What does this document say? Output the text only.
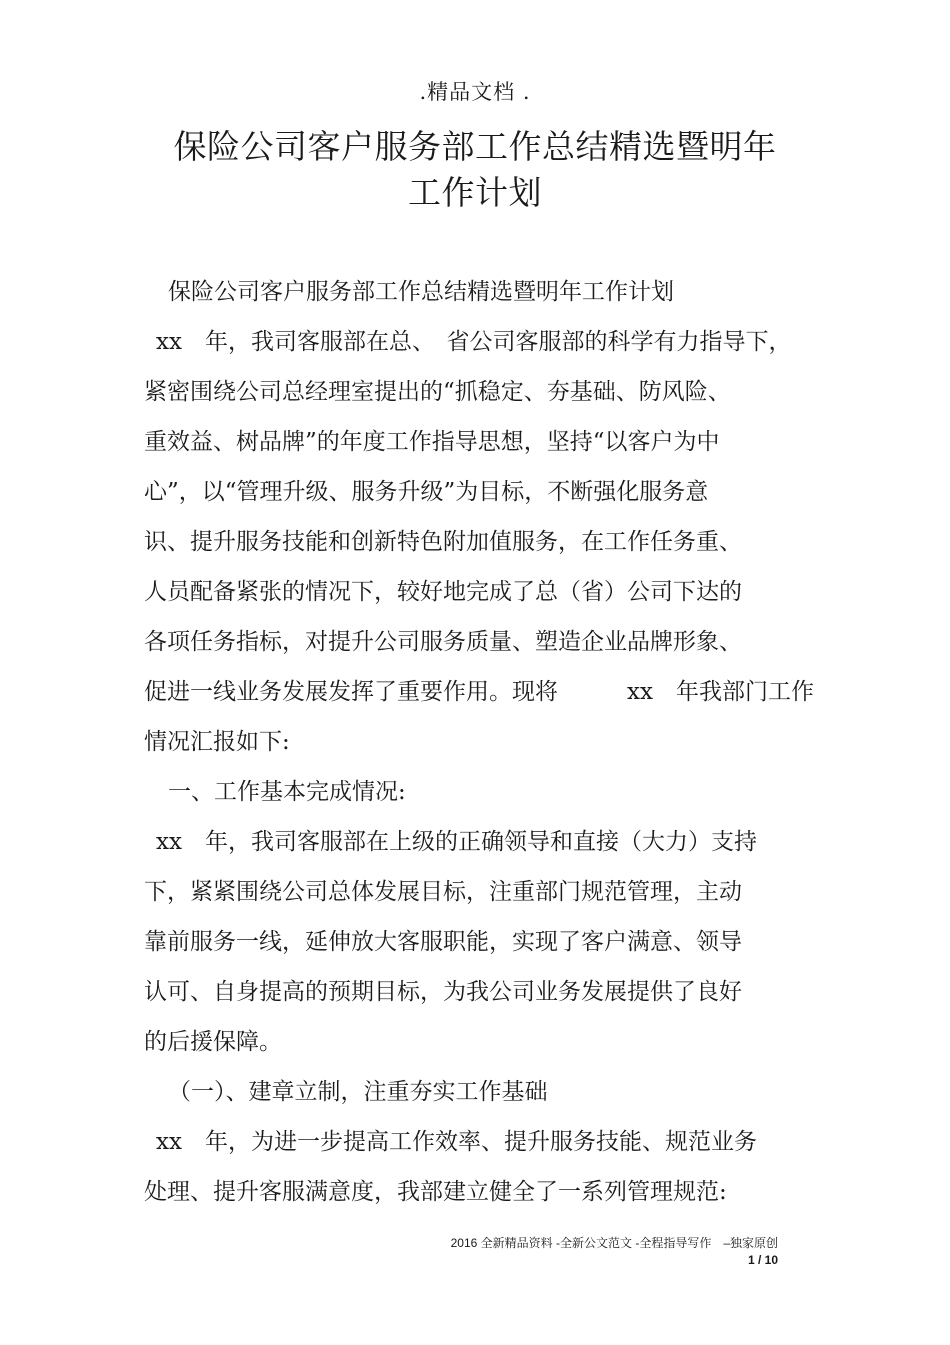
.精品文档 .
保险公司客户服务部工作总结精选暨明年
工作计划
保险公司客户服务部工作总结精选暨明年工作计划
xx　年，我司客服部在总、　省公司客服部的科学有力指导下，
紧密围绕公司总经理室提出的“抓稳定、夯基础、防风险、
重效益、树品牌”的年度工作指导思想，坚持“以客户为中
心”，以“管理升级、服务升级”为目标，不断强化服务意
识、提升服务技能和创新特色附加值服务，在工作任务重、
人员配备紧张的情况下，较好地完成了总（省）公司下达的
各项任务指标，对提升公司服务质量、塑造企业品牌形象、
促进一线业务发展发挥了重要作用。现将　　　xx　年我部门工作
情况汇报如下:
一、工作基本完成情况:
xx　年，我司客服部在上级的正确领导和直接（大力）支持
下，紧紧围绕公司总体发展目标，注重部门规范管理，主动
靠前服务一线，延伸放大客服职能，实现了客户满意、领导
认可、自身提高的预期目标，为我公司业务发展提供了良好
的后援保障。
（一）、建章立制，注重夯实工作基础
xx　年，为进一步提高工作效率、提升服务技能、规范业务
处理、提升客服满意度，我部建立健全了一系列管理规范:
2016 全新精品资料 -全新公文范文 -全程指导写作　–独家原创
1 / 10
